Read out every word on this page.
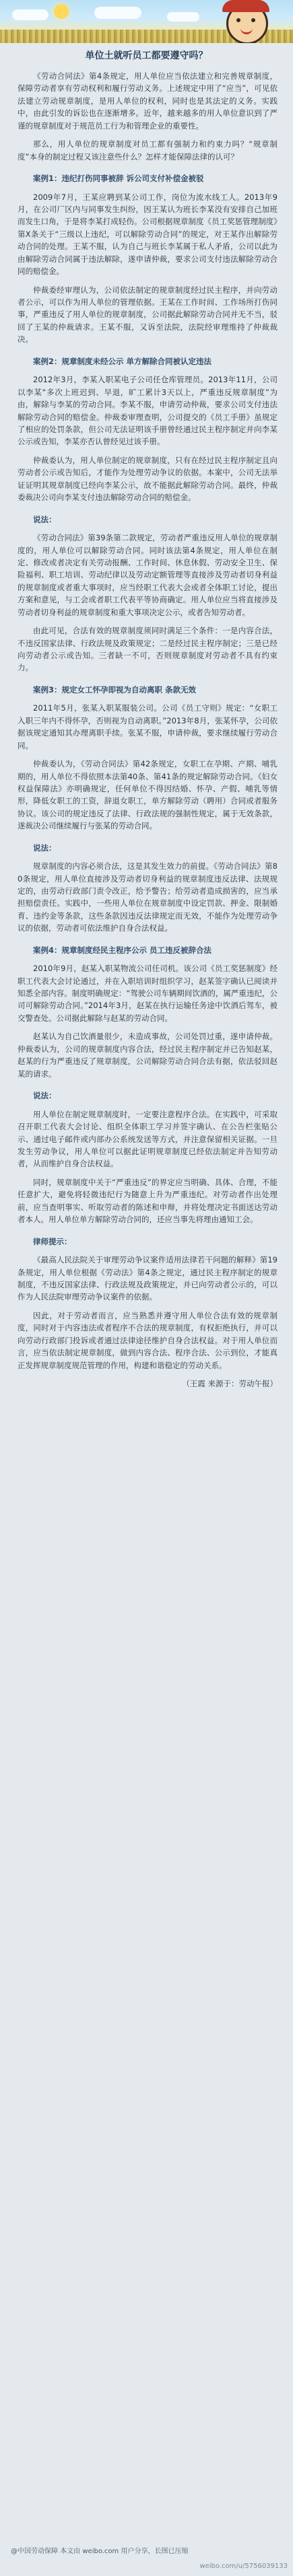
单位土就听员工都要遵守吗？

《劳动合同法》第4条规定，用人单位应当依法建立和完善规章制度，保障劳动者享有劳动权利和履行劳动义务。上述规定中用了“应当”，可见依法建立劳动规章制度，是用人单位的权利，同时也是其法定的义务。实践中，由此引发的诉讼也在逐渐增多。近年，越来越多的用人单位意识到了严谨的规章制度对于规范员工行为和管理企业的重要性。

那么，用人单位的规章制度对员工都有强制力和约束力吗？“规章制度”本身的制定过程又该注意些什么？怎样才能保障法律的认可？

案例1：违纪打伤同事被辞 诉公司支付补偿金被驳

2009年7月，王某应聘到某公司工作，岗位为流水线工人。2013年9月，在公司厂区内与同事发生纠纷，因王某认为班长李某没有安排自己加班而发生口角，于是将李某打成轻伤。公司根据规章制度《员工奖惩管理制度》第X条关于“三级以上违纪，可以解除劳动合同”的规定，对王某作出解除劳动合同的处理。王某不服，认为自己与班长李某属于私人矛盾，公司以此为由解除劳动合同属于违法解除，遂申请仲裁，要求公司支付违法解除劳动合同的赔偿金。

仲裁委经审理认为，公司依法制定的规章制度经过民主程序，并向劳动者公示，可以作为用人单位的管理依据。王某在工作时间、工作场所打伤同事，严重违反了用人单位的规章制度，公司据此解除劳动合同并无不当，驳回了王某的仲裁请求。王某不服，又诉至法院，法院经审理维持了仲裁裁决。

案例2：规章制度未经公示 单方解除合同被认定违法

2012年3月，李某入职某电子公司任仓库管理员。2013年11月，公司以李某“多次上班迟到、早退，旷工累计3天以上，严重违反规章制度”为由，解除与李某的劳动合同。李某不服，申请劳动仲裁，要求公司支付违法解除劳动合同的赔偿金。仲裁委审理查明，公司提交的《员工手册》虽规定了相应的处罚条款，但公司无法证明该手册曾经通过民主程序制定并向李某公示或告知，李某亦否认曾经见过该手册。

仲裁委认为，用人单位制定的规章制度，只有在经过民主程序制定且向劳动者公示或告知后，才能作为处理劳动争议的依据。本案中，公司无法举证证明其规章制度已经向李某公示，故不能据此解除劳动合同。最终，仲裁委裁决公司向李某支付违法解除劳动合同的赔偿金。

说法：

《劳动合同法》第39条第二款规定，劳动者严重违反用人单位的规章制度的，用人单位可以解除劳动合同。同时该法第4条规定，用人单位在制定、修改或者决定有关劳动报酬、工作时间、休息休假、劳动安全卫生、保险福利、职工培训、劳动纪律以及劳动定额管理等直接涉及劳动者切身利益的规章制度或者重大事项时，应当经职工代表大会或者全体职工讨论，提出方案和意见，与工会或者职工代表平等协商确定。用人单位应当将直接涉及劳动者切身利益的规章制度和重大事项决定公示，或者告知劳动者。

由此可见，合法有效的规章制度须同时满足三个条件：一是内容合法，不违反国家法律、行政法规及政策规定；二是经过民主程序制定；三是已经向劳动者公示或告知。三者缺一不可，否则规章制度对劳动者不具有约束力。

案例3：规定女工怀孕即视为自动离职 条款无效

2011年5月，张某入职某服装公司。公司《员工守则》规定：“女职工入职三年内不得怀孕，否则视为自动离职。”2013年8月，张某怀孕，公司依据该规定通知其办理离职手续。张某不服，申请仲裁，要求继续履行劳动合同。

仲裁委认为，《劳动合同法》第42条规定，女职工在孕期、产期、哺乳期的，用人单位不得依照本法第40条、第41条的规定解除劳动合同。《妇女权益保障法》亦明确规定，任何单位不得因结婚、怀孕、产假、哺乳等情形，降低女职工的工资，辞退女职工，单方解除劳动（聘用）合同或者服务协议。该公司的规定违反了法律、行政法规的强制性规定，属于无效条款，遂裁决公司继续履行与张某的劳动合同。

说法：

规章制度的内容必须合法，这是其发生效力的前提。《劳动合同法》第80条规定，用人单位直接涉及劳动者切身利益的规章制度违反法律、法规规定的，由劳动行政部门责令改正，给予警告；给劳动者造成损害的，应当承担赔偿责任。实践中，一些用人单位在规章制度中设定罚款、押金、限制婚育、违约金等条款，这些条款因违反法律规定而无效，不能作为处理劳动争议的依据，劳动者可依法维护自身合法权益。

案例4：规章制度经民主程序公示 员工违反被辞合法

2010年9月，赵某入职某物流公司任司机。该公司《员工奖惩制度》经职工代表大会讨论通过，并在入职培训时组织学习，赵某签字确认已阅读并知悉全部内容。制度明确规定：“驾驶公司车辆期间饮酒的，属严重违纪，公司可解除劳动合同。”2014年3月，赵某在执行运输任务途中饮酒后驾车，被交警查处。公司据此解除与赵某的劳动合同。

赵某认为自己饮酒量很少，未造成事故，公司处罚过重，遂申请仲裁。仲裁委认为，公司的规章制度内容合法，经过民主程序制定并已告知赵某，赵某的行为严重违反了规章制度，公司解除劳动合同合法有据，依法驳回赵某的请求。

说法：

用人单位在制定规章制度时，一定要注意程序合法。在实践中，可采取召开职工代表大会讨论、组织全体职工学习并签字确认、在公告栏张贴公示、通过电子邮件或内部办公系统发送等方式，并注意保留相关证据。一旦发生劳动争议，用人单位可以据此证明规章制度已经依法制定并告知劳动者，从而维护自身合法权益。

同时，规章制度中关于“严重违反”的界定应当明确、具体、合理，不能任意扩大，避免将轻微违纪行为随意上升为严重违纪。对劳动者作出处理前，应当查明事实、听取劳动者的陈述和申辩，并将处理决定书面送达劳动者本人。用人单位单方解除劳动合同的，还应当事先将理由通知工会。

律师提示：

《最高人民法院关于审理劳动争议案件适用法律若干问题的解释》第19条规定，用人单位根据《劳动法》第4条之规定，通过民主程序制定的规章制度，不违反国家法律、行政法规及政策规定，并已向劳动者公示的，可以作为人民法院审理劳动争议案件的依据。

因此，对于劳动者而言，应当熟悉并遵守用人单位合法有效的规章制度，同时对于内容违法或者程序不合法的规章制度，有权拒绝执行，并可以向劳动行政部门投诉或者通过法律途径维护自身合法权益。对于用人单位而言，应当依法制定规章制度，做到内容合法、程序合法、公示到位，才能真正发挥规章制度规范管理的作用，构建和谐稳定的劳动关系。

（王霞 来源于：劳动午报）

@中国劳动保障 本文由 weibo.com 用户分享，长图已压缩
weibo.com/u/5756039133
